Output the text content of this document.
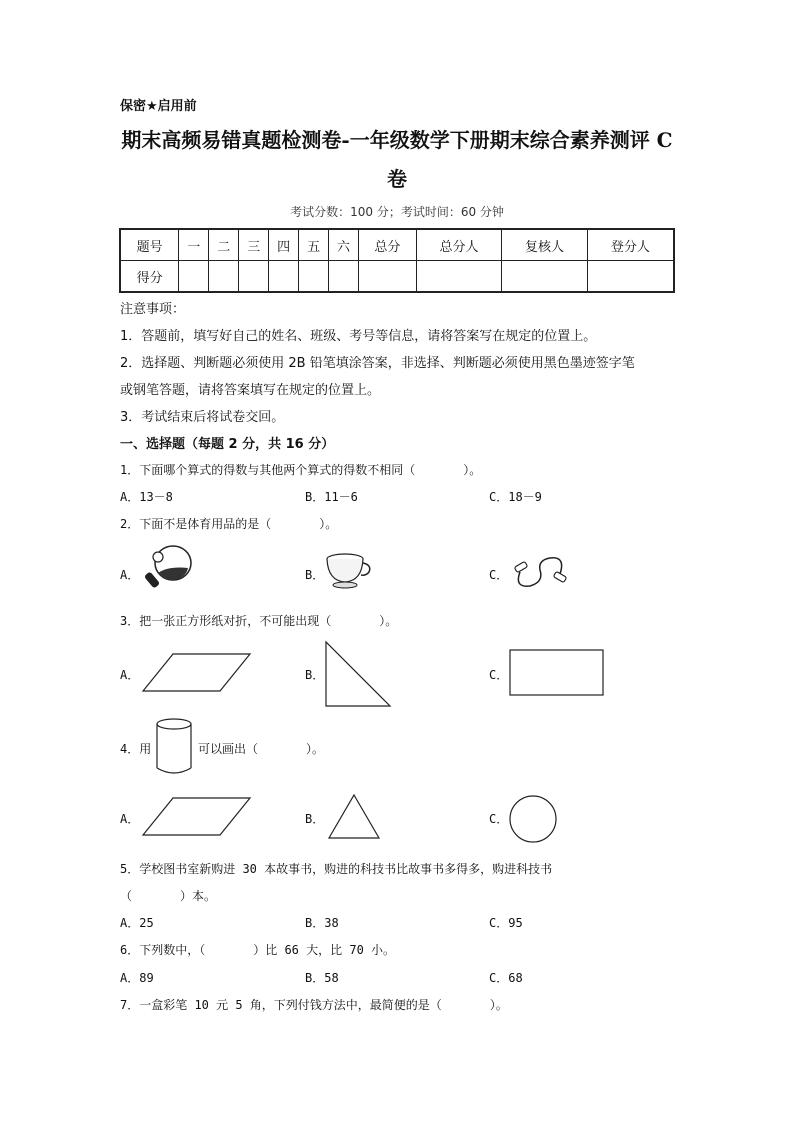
保密★启用前
期末高频易错真题检测卷-一年级数学下册期末综合素养测评 C
卷
考试分数：100 分；考试时间：60 分钟
题号	一	二	三	四	五	六	总分	总分人	复核人	登分人
得分										
注意事项：
1．答题前，填写好自己的姓名、班级、考号等信息，请将答案写在规定的位置上。
2．选择题、判断题必须使用 2B 铅笔填涂答案，非选择、判断题必须使用黑色墨迹签字笔
或钢笔答题，请将答案填写在规定的位置上。
3．考试结束后将试卷交回。
一、选择题（每题 2 分，共 16 分）
1．下面哪个算式的得数与其他两个算式的得数不相同（　　　　）。
A．13－8	B．11－6	C．18－9
2．下面不是体育用品的是（　　　　）。
A．	B．	C．
3．把一张正方形纸对折，不可能出现（　　　　）。
A．	B．	C．
4．用	可以画出（　　　　）。
A．	B．	C．
5．学校图书室新购进 30 本故事书，购进的科技书比故事书多得多，购进科技书
（　　　　）本。
A．25	B．38	C．95
6．下列数中，（　　　　）比 66 大，比 70 小。
A．89	B．58	C．68
7．一盒彩笔 10 元 5 角，下列付钱方法中，最简便的是（　　　　）。
